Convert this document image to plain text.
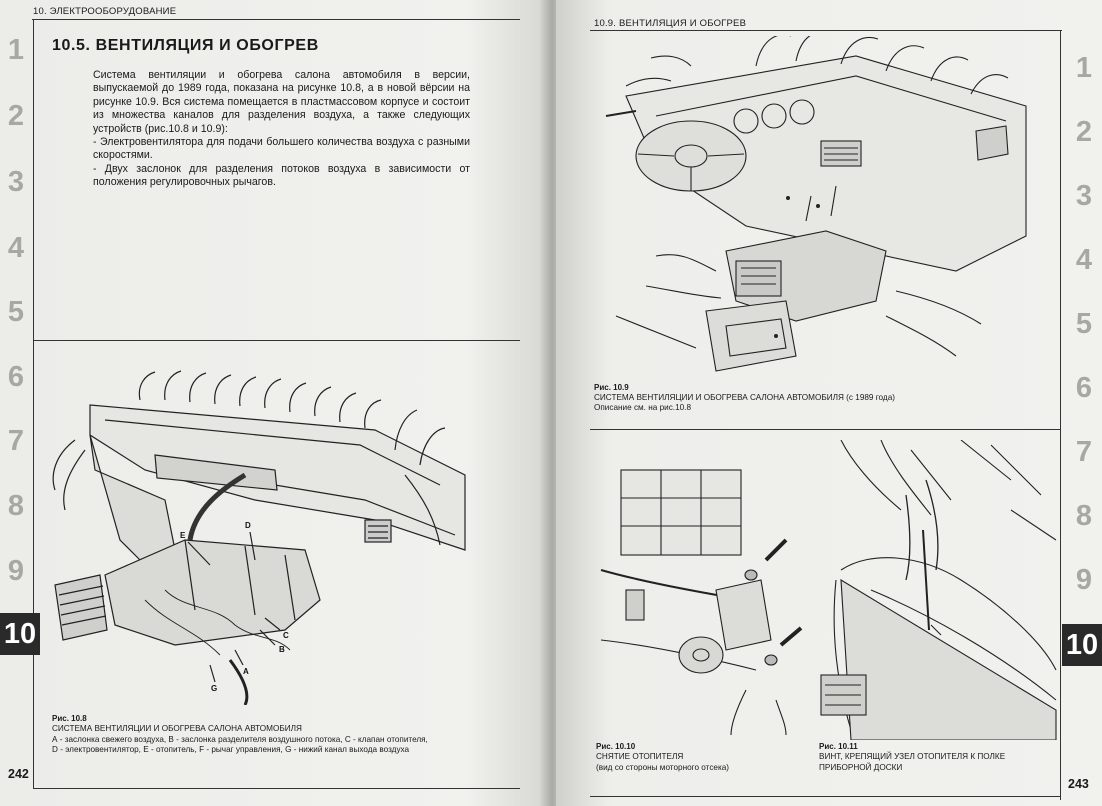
10. ЭЛЕКТРООБОРУДОВАНИЕ
10.5. ВЕНТИЛЯЦИЯ И ОБОГРЕВ

Система вентиляции и обогрева салона автомобиля в версии, выпускаемой до 1989 года, показана на рисунке 10.8, а в новой вёрсии на рисунке 10.9. Вся система помещается в пластмассовом корпусе и состоит из множества каналов для разделения воздуха, а также следующих устройств (рис.10.8 и 10.9):

- Электровентилятора для подачи большего количества воздуха с разными скоростями.

- Двух заслонок для разделения потоков воздуха в зависимости от положения регулировочных рычагов.

E
D
C
B
A
G
Рис. 10.8
СИСТЕМА ВЕНТИЛЯЦИИ И ОБОГРЕВА САЛОНА АВТОМОБИЛЯ
А - заслонка свежего воздуха, В - заслонка разделителя воздушного потока, С - клапан отопителя,
D - электровентилятор, Е - отопитель, F - рычаг управления, G - нижий канал выхода воздуха
242
1
2
3
4
5
6
7
8
9
10
10.9. ВЕНТИЛЯЦИЯ И ОБОГРЕВ
Рис. 10.9
СИСТЕМА ВЕНТИЛЯЦИИ И ОБОГРЕВА САЛОНА АВТОМОБИЛЯ (с 1989 года)
Описание см. на рис.10.8
Рис. 10.10
СНЯТИЕ ОТОПИТЕЛЯ
(вид со стороны моторного отсека)
Рис. 10.11
ВИНТ, КРЕПЯЩИЙ УЗЕЛ ОТОПИТЕЛЯ К ПОЛКЕ
ПРИБОРНОЙ ДОСКИ
243
1
2
3
4
5
6
7
8
9
10
